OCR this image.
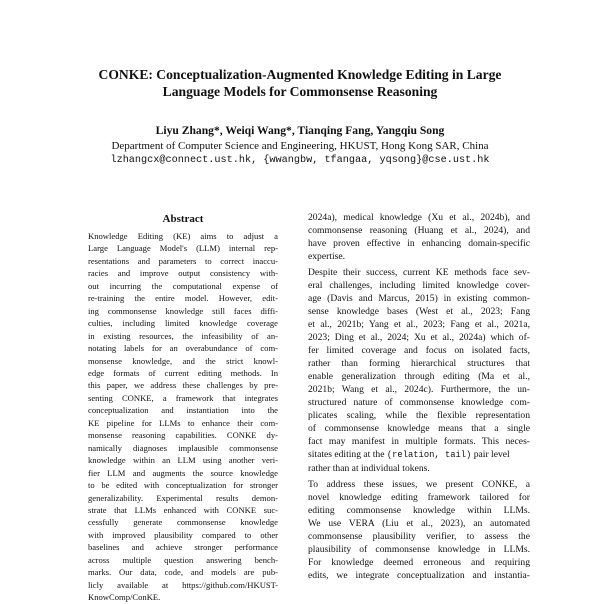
CONKE: Conceptualization-Augmented Knowledge Editing in Large
Language Models for Commonsense Reasoning
Liyu Zhang*, Weiqi Wang*, Tianqing Fang, Yangqiu Song
Department of Computer Science and Engineering, HKUST, Hong Kong SAR, China
lzhangcx@connect.ust.hk, {wwangbw, tfangaa, yqsong}@cse.ust.hk
Abstract
Knowledge Editing (KE) aims to adjust a
Large Language Model's (LLM) internal rep-
resentations and parameters to correct inaccu-
racies and improve output consistency with-
out incurring the computational expense of
re-training the entire model. However, edit-
ing commonsense knowledge still faces diffi-
culties, including limited knowledge coverage
in existing resources, the infeasibility of an-
notating labels for an overabundance of com-
monsense knowledge, and the strict knowl-
edge formats of current editing methods. In
this paper, we address these challenges by pre-
senting CONKE, a framework that integrates
conceptualization and instantiation into the
KE pipeline for LLMs to enhance their com-
monsense reasoning capabilities. CONKE dy-
namically diagnoses implausible commonsense
knowledge within an LLM using another veri-
fier LLM and augments the source knowledge
to be edited with conceptualization for stronger
generalizability. Experimental results demon-
strate that LLMs enhanced with CONKE suc-
cessfully generate commonsense knowledge
with improved plausibility compared to other
baselines and achieve stronger performance
across multiple question answering bench-
marks. Our data, code, and models are pub-
licly available at https://github.com/HKUST-
KnowComp/ConKE.
2024a), medical knowledge (Xu et al., 2024b), and
commonsense reasoning (Huang et al., 2024), and
have proven effective in enhancing domain-specific
expertise.
Despite their success, current KE methods face sev-
eral challenges, including limited knowledge cover-
age (Davis and Marcus, 2015) in existing common-
sense knowledge bases (West et al., 2023; Fang
et al., 2021b; Yang et al., 2023; Fang et al., 2021a,
2023; Ding et al., 2024; Xu et al., 2024a) which of-
fer limited coverage and focus on isolated facts,
rather than forming hierarchical structures that
enable generalization through editing (Ma et al.,
2021b; Wang et al., 2024c). Furthermore, the un-
structured nature of commonsense knowledge com-
plicates scaling, while the flexible representation
of commonsense knowledge means that a single
fact may manifest in multiple formats. This neces-
sitates editing at the (relation, tail) pair level
rather than at individual tokens.
To address these issues, we present CONKE, a
novel knowledge editing framework tailored for
editing commonsense knowledge within LLMs.
We use VERA (Liu et al., 2023), an automated
commonsense plausibility verifier, to assess the
plausibility of commonsense knowledge in LLMs.
For knowledge deemed erroneous and requiring
edits, we integrate conceptualization and instantia-
